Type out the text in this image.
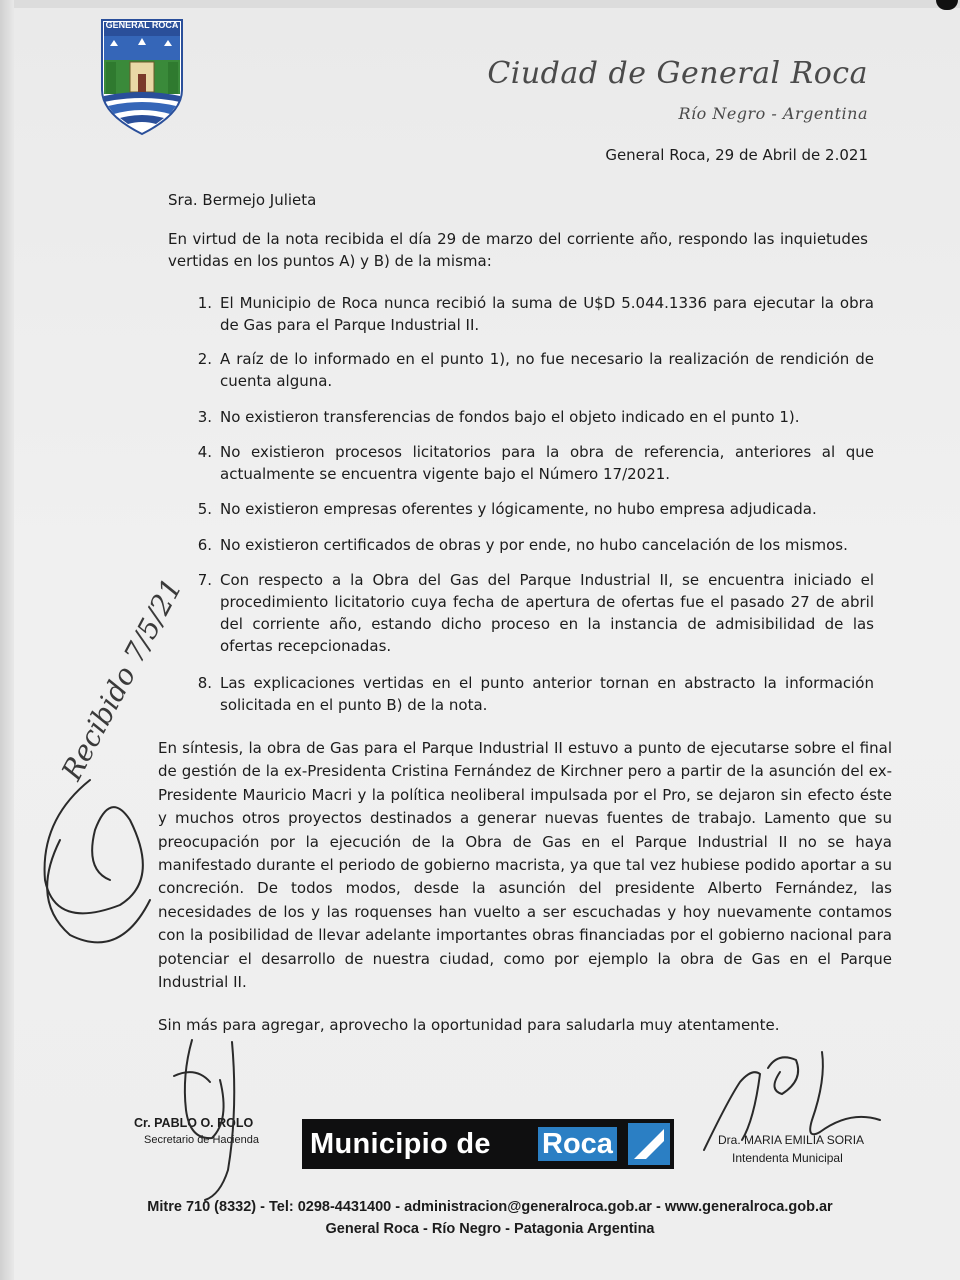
GENERAL ROCA
Ciudad de General Roca
Río Negro - Argentina
General Roca, 29 de Abril de 2.021
Sra. Bermejo Julieta
En virtud de la nota recibida el día 29 de marzo del corriente año, respondo las inquietudes vertidas en los puntos A) y B) de la misma:
1. El Municipio de Roca nunca recibió la suma de U$D 5.044.1336 para ejecutar la obra de Gas para el Parque Industrial II.
2. A raíz de lo informado en el punto 1), no fue necesario la realización de rendición de cuenta alguna.
3. No existieron transferencias de fondos bajo el objeto indicado en el punto 1).
4. No existieron procesos licitatorios para la obra de referencia, anteriores al que actualmente se encuentra vigente bajo el Número 17/2021.
5. No existieron empresas oferentes y lógicamente, no hubo empresa adjudicada.
6. No existieron certificados de obras y por ende, no hubo cancelación de los mismos.
7. Con respecto a la Obra del Gas del Parque Industrial II, se encuentra iniciado el procedimiento licitatorio cuya fecha de apertura de ofertas fue el pasado 27 de abril del corriente año, estando dicho proceso en la instancia de admisibilidad de las ofertas recepcionadas.
8. Las explicaciones vertidas en el punto anterior tornan en abstracto la información solicitada en el punto B) de la nota.
En síntesis, la obra de Gas para el Parque Industrial II estuvo a punto de ejecutarse sobre el final de gestión de la ex-Presidenta Cristina Fernández de Kirchner pero a partir de la asunción del ex-Presidente Mauricio Macri y la política neoliberal impulsada por el Pro, se dejaron sin efecto éste y muchos otros proyectos destinados a generar nuevas fuentes de trabajo. Lamento que su preocupación por la ejecución de la Obra de Gas en el Parque Industrial II no se haya manifestado durante el periodo de gobierno macrista, ya que tal vez hubiese podido aportar a su concreción. De todos modos, desde la asunción del presidente Alberto Fernández, las necesidades de los y las roquenses han vuelto a ser escuchadas y hoy nuevamente contamos con la posibilidad de llevar adelante importantes obras financiadas por el gobierno nacional para potenciar el desarrollo de nuestra ciudad, como por ejemplo la obra de Gas en el Parque Industrial II.
Sin más para agregar, aprovecho la oportunidad para saludarla muy atentamente.
Cr. PABLO O. ROLO
Secretario de Hacienda Municipio de Roca	Dra. MARIA EMILIA SORIA
Intendenta Municipal
Mitre 710 (8332) - Tel: 0298-4431400 - administracion@generalroca.gob.ar - www.generalroca.gob.ar
General Roca - Río Negro - Patagonia Argentina
Recibido 7/5/21
